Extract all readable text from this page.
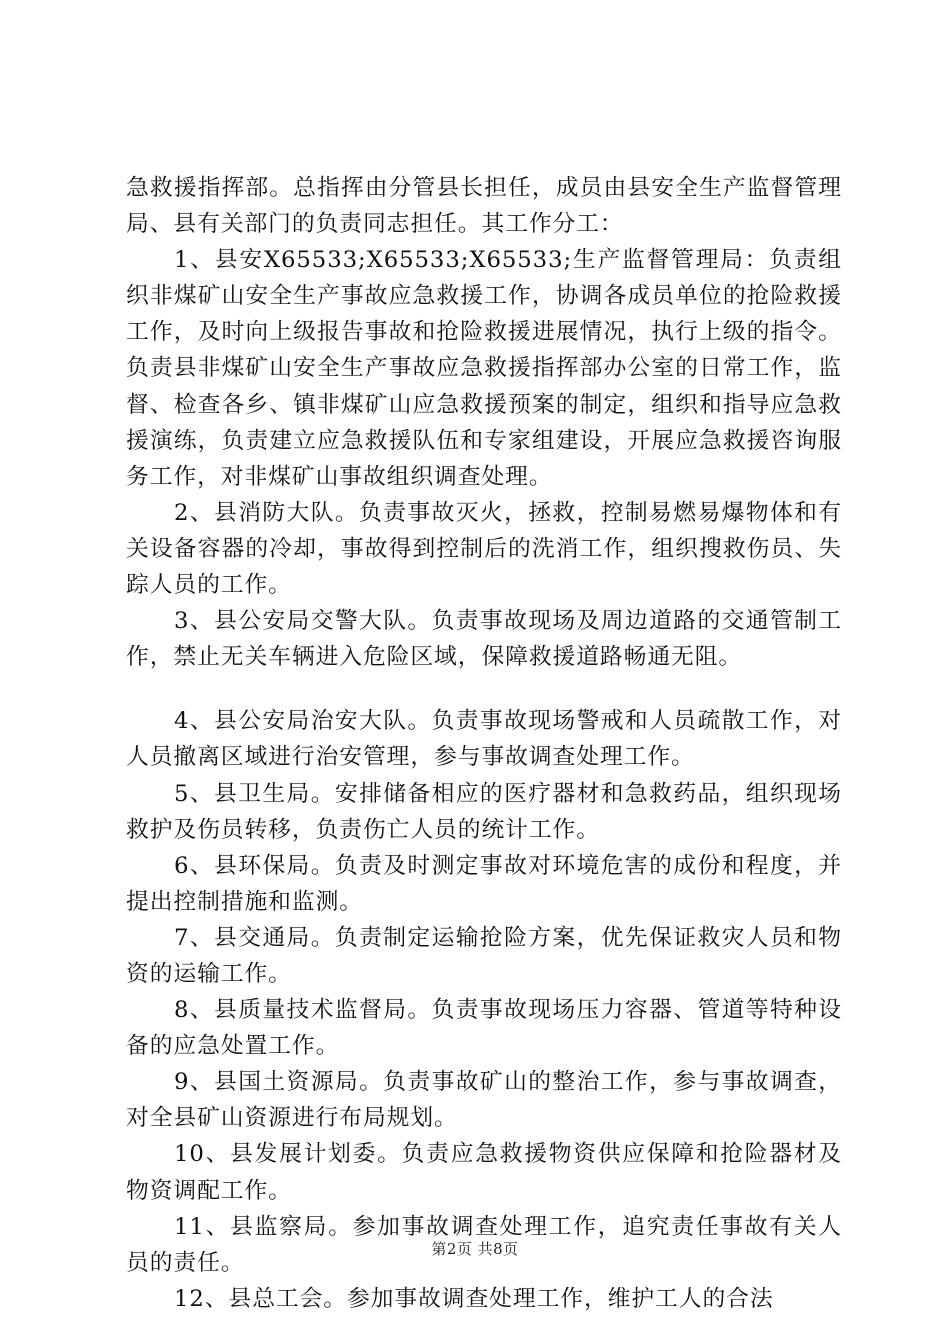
急救援指挥部。总指挥由分管县长担任，成员由县安全生产监督管理局、县有关部门的负责同志担任。其工作分工：

1、县安X65533;X65533;X65533;生产监督管理局：负责组织非煤矿山安全生产事故应急救援工作，协调各成员单位的抢险救援工作，及时向上级报告事故和抢险救援进展情况，执行上级的指令。负责县非煤矿山安全生产事故应急救援指挥部办公室的日常工作，监督、检查各乡、镇非煤矿山应急救援预案的制定，组织和指导应急救援演练，负责建立应急救援队伍和专家组建设，开展应急救援咨询服务工作，对非煤矿山事故组织调查处理。

2、县消防大队。负责事故灭火，拯救，控制易燃易爆物体和有关设备容器的冷却，事故得到控制后的洗消工作，组织搜救伤员、失踪人员的工作。

3、县公安局交警大队。负责事故现场及周边道路的交通管制工作，禁止无关车辆进入危险区域，保障救援道路畅通无阻。

4、县公安局治安大队。负责事故现场警戒和人员疏散工作，对人员撤离区域进行治安管理，参与事故调查处理工作。

5、县卫生局。安排储备相应的医疗器材和急救药品，组织现场救护及伤员转移，负责伤亡人员的统计工作。

6、县环保局。负责及时测定事故对环境危害的成份和程度，并提出控制措施和监测。

7、县交通局。负责制定运输抢险方案，优先保证救灾人员和物资的运输工作。

8、县质量技术监督局。负责事故现场压力容器、管道等特种设备的应急处置工作。

9、县国土资源局。负责事故矿山的整治工作，参与事故调查，对全县矿山资源进行布局规划。

10、县发展计划委。负责应急救援物资供应保障和抢险器材及物资调配工作。

11、县监察局。参加事故调查处理工作，追究责任事故有关人员的责任。

12、县总工会。参加事故调查处理工作，维护工人的合法

第2页 共8页
